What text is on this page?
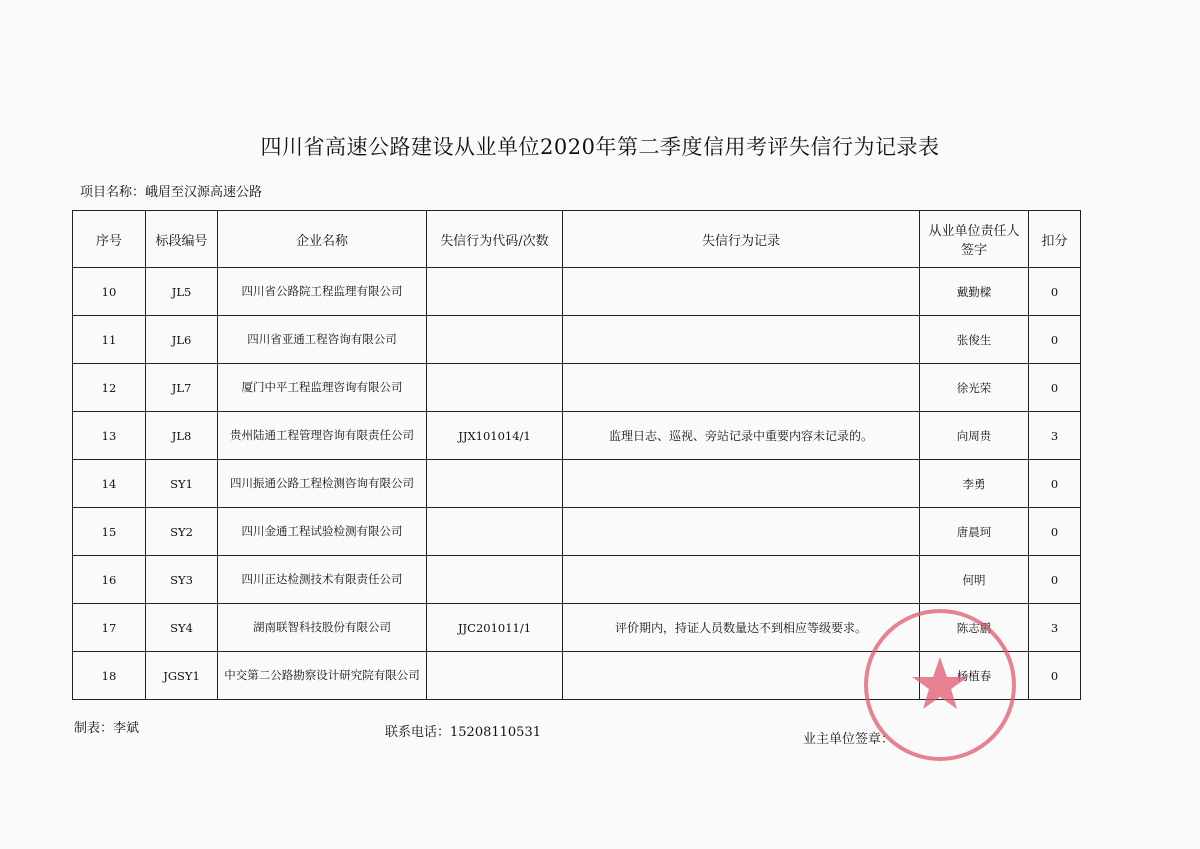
四川省高速公路建设从业单位2020年第二季度信用考评失信行为记录表
项目名称：峨眉至汉源高速公路
序号	标段编号	企业名称	失信行为代码/次数	失信行为记录	从业单位责任人签字	扣分
10	JL5	四川省公路院工程监理有限公司			戴勤樑	0
11	JL6	四川省亚通工程咨询有限公司			张俊生	0
12	JL7	厦门中平工程监理咨询有限公司			徐光荣	0
13	JL8	贵州陆通工程管理咨询有限责任公司	JJX101014/1	监理日志、巡视、旁站记录中重要内容未记录的。	向周贵	3
14	SY1	四川振通公路工程检测咨询有限公司			李勇	0
15	SY2	四川金通工程试验检测有限公司			唐晨珂	0
16	SY3	四川正达检测技术有限责任公司			何明	0
17	SY4	湖南联智科技股份有限公司	JJC201011/1	评价期内，持证人员数量达不到相应等级要求。	陈志鹏	3
18	JGSY1	中交第二公路勘察设计研究院有限公司			杨植春	0
制表：李斌	联系电话：15208110531	业主单位签章：
